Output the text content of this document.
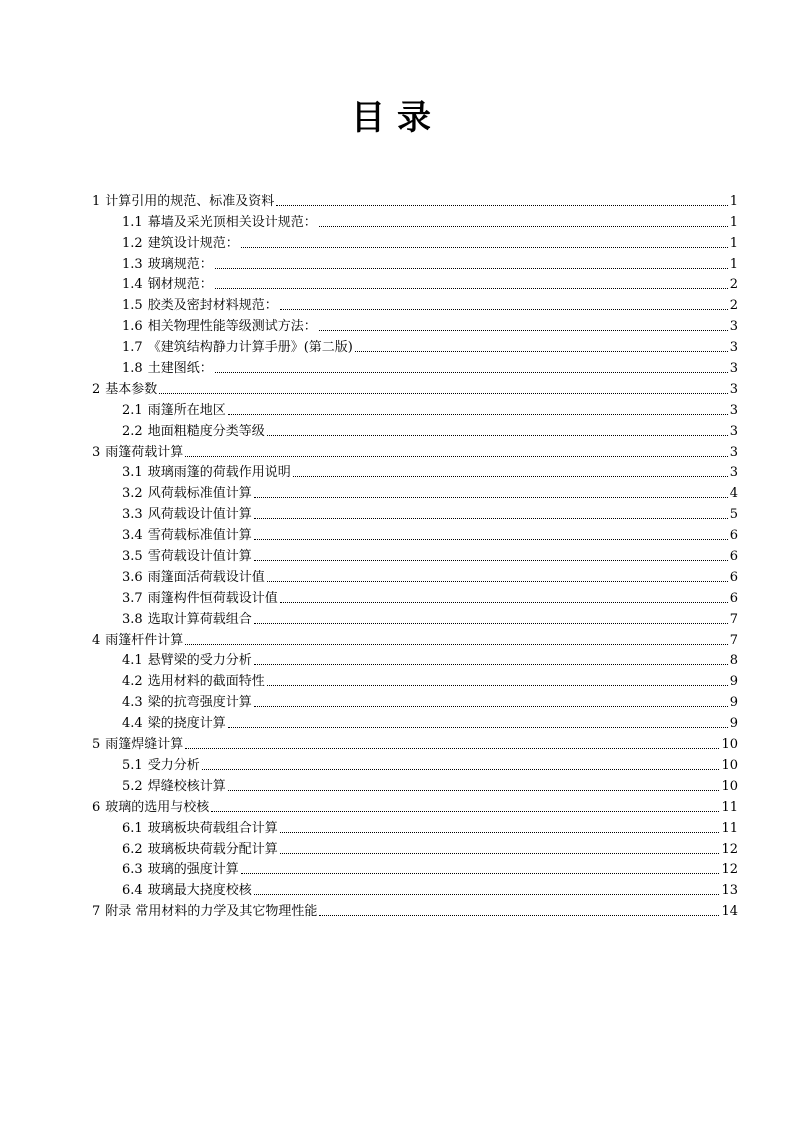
目录
1 计算引用的规范、标准及资料	1
1.1 幕墙及采光顶相关设计规范：	1
1.2 建筑设计规范：	1
1.3 玻璃规范：	1
1.4 钢材规范：	2
1.5 胶类及密封材料规范：	2
1.6 相关物理性能等级测试方法：	3
1.7 《建筑结构静力计算手册》(第二版)	3
1.8 土建图纸：	3
2 基本参数	3
2.1 雨篷所在地区	3
2.2 地面粗糙度分类等级	3
3 雨篷荷载计算	3
3.1 玻璃雨篷的荷载作用说明	3
3.2 风荷载标准值计算	4
3.3 风荷载设计值计算	5
3.4 雪荷载标准值计算	6
3.5 雪荷载设计值计算	6
3.6 雨篷面活荷载设计值	6
3.7 雨篷构件恒荷载设计值	6
3.8 选取计算荷载组合	7
4 雨篷杆件计算	7
4.1 悬臂梁的受力分析	8
4.2 选用材料的截面特性	9
4.3 梁的抗弯强度计算	9
4.4 梁的挠度计算	9
5 雨篷焊缝计算	10
5.1 受力分析	10
5.2 焊缝校核计算	10
6 玻璃的选用与校核	11
6.1 玻璃板块荷载组合计算	11
6.2 玻璃板块荷载分配计算	12
6.3 玻璃的强度计算	12
6.4 玻璃最大挠度校核	13
7 附录 常用材料的力学及其它物理性能	14
